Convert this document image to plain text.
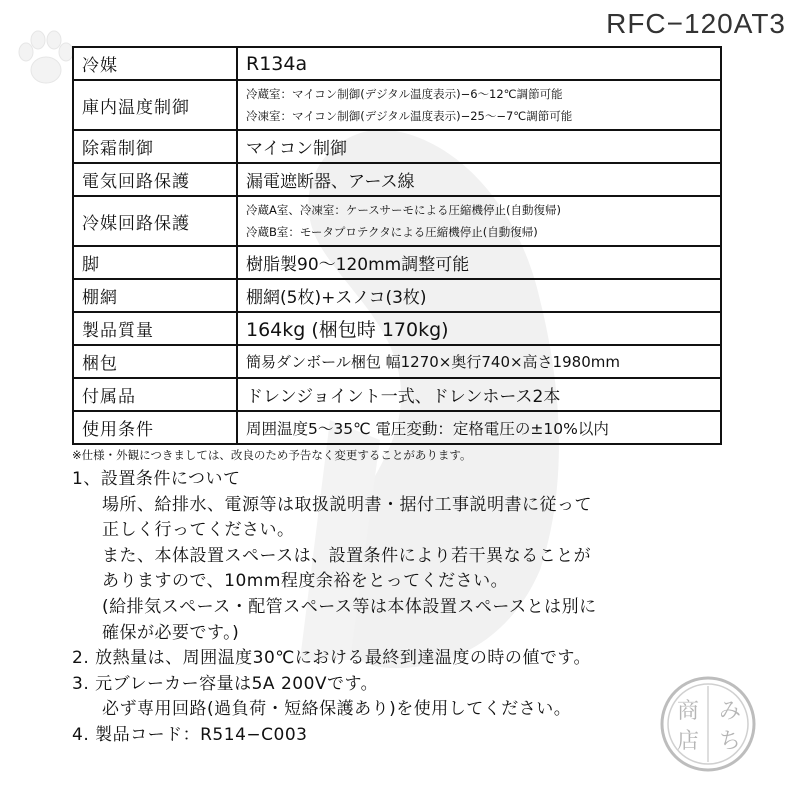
RFC−120AT3
冷媒	R134a
庫内温度制御	冷蔵室：マイコン制御(デジタル温度表示)−6〜12℃調節可能
冷凍室：マイコン制御(デジタル温度表示)−25〜−7℃調節可能

除霜制御	マイコン制御
電気回路保護	漏電遮断器、アース線
冷媒回路保護	冷蔵A室、冷凍室：ケースサーモによる圧縮機停止(自動復帰)
冷蔵B室：モータプロテクタによる圧縮機停止(自動復帰)

脚	樹脂製90〜120mm調整可能
棚網	棚網(5枚)+スノコ(3枚)
製品質量	164kg (梱包時 170kg)
梱包	簡易ダンボール梱包 幅1270×奥行740×高さ1980mm
付属品	ドレンジョイント一式、ドレンホース2本
使用条件	周囲温度5〜35℃ 電圧変動：定格電圧の±10%以内
※仕様・外観につきましては、改良のため予告なく変更することがあります。
1、設置条件について
場所、給排水、電源等は取扱説明書・据付工事説明書に従って
正しく行ってください。
また、本体設置スペースは、設置条件により若干異なることが
ありますので、10mm程度余裕をとってください。
(給排気スペース・配管スペース等は本体設置スペースとは別に
確保が必要です。)
2. 放熱量は、周囲温度30℃における最終到達温度の時の値です。
3. 元ブレーカー容量は5A 200Vです。
必ず専用回路(過負荷・短絡保護あり)を使用してください。
4. 製品コード：R514−C003
み
ち
商
店
